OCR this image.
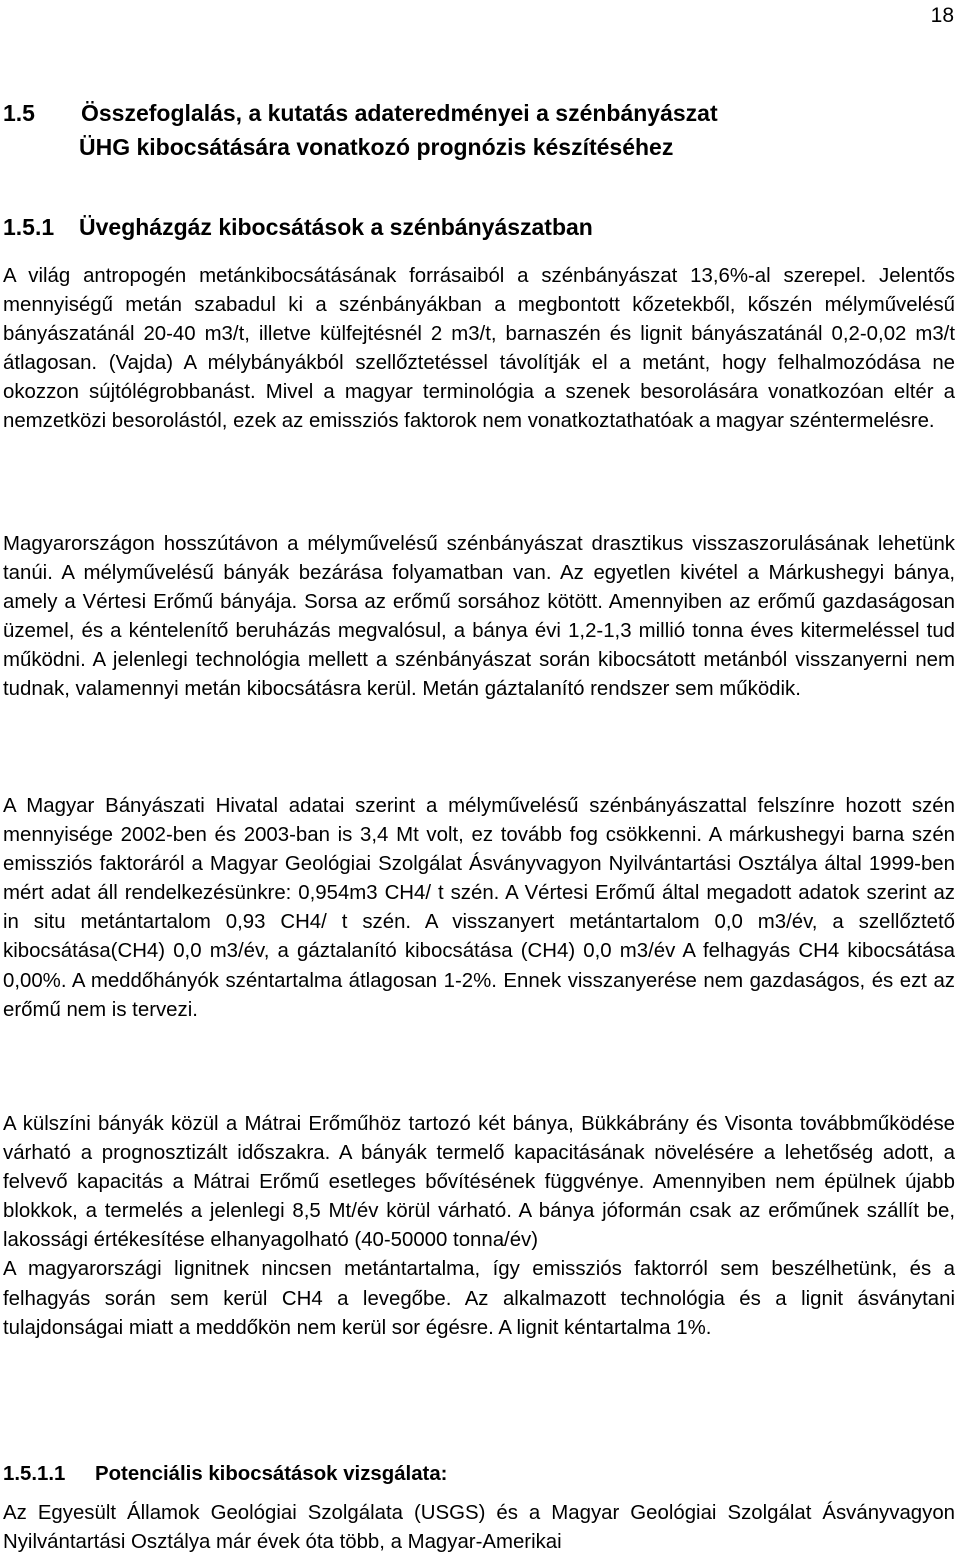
18
1.5 Összefoglalás, a kutatás adateredményei a szénbányászat
ÜHG kibocsátására vonatkozó prognózis készítéséhez
1.5.1 Üvegházgáz kibocsátások a szénbányászatban
A világ antropogén metánkibocsátásának forrásaiból a szénbányászat 13,6%-al szerepel. Jelentős mennyiségű metán szabadul ki a szénbányákban a megbontott kőzetekből, kőszén mélyművelésű bányászatánál 20-40 m3/t, illetve külfejtésnél 2 m3/t, barnaszén és lignit bányászatánál 0,2-0,02 m3/t átlagosan. (Vajda) A mélybányákból szellőztetéssel távolítják el a metánt, hogy felhalmozódása ne okozzon sújtólégrobbanást. Mivel a magyar terminológia a szenek besorolására vonatkozóan eltér a nemzetközi besorolástól, ezek az emissziós faktorok nem vonatkoztathatóak a magyar széntermelésre.
Magyarországon hosszútávon a mélyművelésű szénbányászat drasztikus visszaszorulásának lehetünk tanúi. A mélyművelésű bányák bezárása folyamatban van. Az egyetlen kivétel a Márkushegyi bánya, amely a Vértesi Erőmű bányája. Sorsa az erőmű sorsához kötött. Amennyiben az erőmű gazdaságosan üzemel, és a kéntelenítő beruházás megvalósul, a bánya évi 1,2-1,3 millió tonna éves kitermeléssel tud működni. A jelenlegi technológia mellett a szénbányászat során kibocsátott metánból visszanyerni nem tudnak, valamennyi metán kibocsátásra kerül. Metán gáztalanító rendszer sem működik.
A Magyar Bányászati Hivatal adatai szerint a mélyművelésű szénbányászattal felszínre hozott szén mennyisége 2002-ben és 2003-ban is 3,4 Mt volt, ez tovább fog csökkenni. A márkushegyi barna szén emissziós faktoráról a Magyar Geológiai Szolgálat Ásványvagyon Nyilvántartási Osztálya által 1999-ben mért adat áll rendelkezésünkre: 0,954m3 CH4/ t szén. A Vértesi Erőmű által megadott adatok szerint az in situ metántartalom 0,93 CH4/ t szén. A visszanyert metántartalom 0,0 m3/év, a szellőztető kibocsátása(CH4) 0,0 m3/év, a gáztalanító kibocsátása (CH4) 0,0 m3/év A felhagyás CH4 kibocsátása 0,00%. A meddőhányók széntartalma átlagosan 1-2%. Ennek visszanyerése nem gazdaságos, és ezt az erőmű nem is tervezi.
A külszíni bányák közül a Mátrai Erőműhöz tartozó két bánya, Bükkábrány és Visonta továbbműködése várható a prognosztizált időszakra. A bányák termelő kapacitásának növelésére a lehetőség adott, a felvevő kapacitás a Mátrai Erőmű esetleges bővítésének függvénye. Amennyiben nem épülnek újabb blokkok, a termelés a jelenlegi 8,5 Mt/év körül várható. A bánya jóformán csak az erőműnek szállít be, lakossági értékesítése elhanyagolható (40-50000 tonna/év)
A magyarországi lignitnek nincsen metántartalma, így emissziós faktorról sem beszélhetünk, és a felhagyás során sem kerül CH4 a levegőbe. Az alkalmazott technológia és a lignit ásványtani tulajdonságai miatt a meddőkön nem kerül sor égésre. A lignit kéntartalma 1%.
1.5.1.1 Potenciális kibocsátások vizsgálata:
Az Egyesült Államok Geológiai Szolgálata (USGS) és a Magyar Geológiai Szolgálat Ásványvagyon Nyilvántartási Osztálya már évek óta több, a Magyar-Amerikai
